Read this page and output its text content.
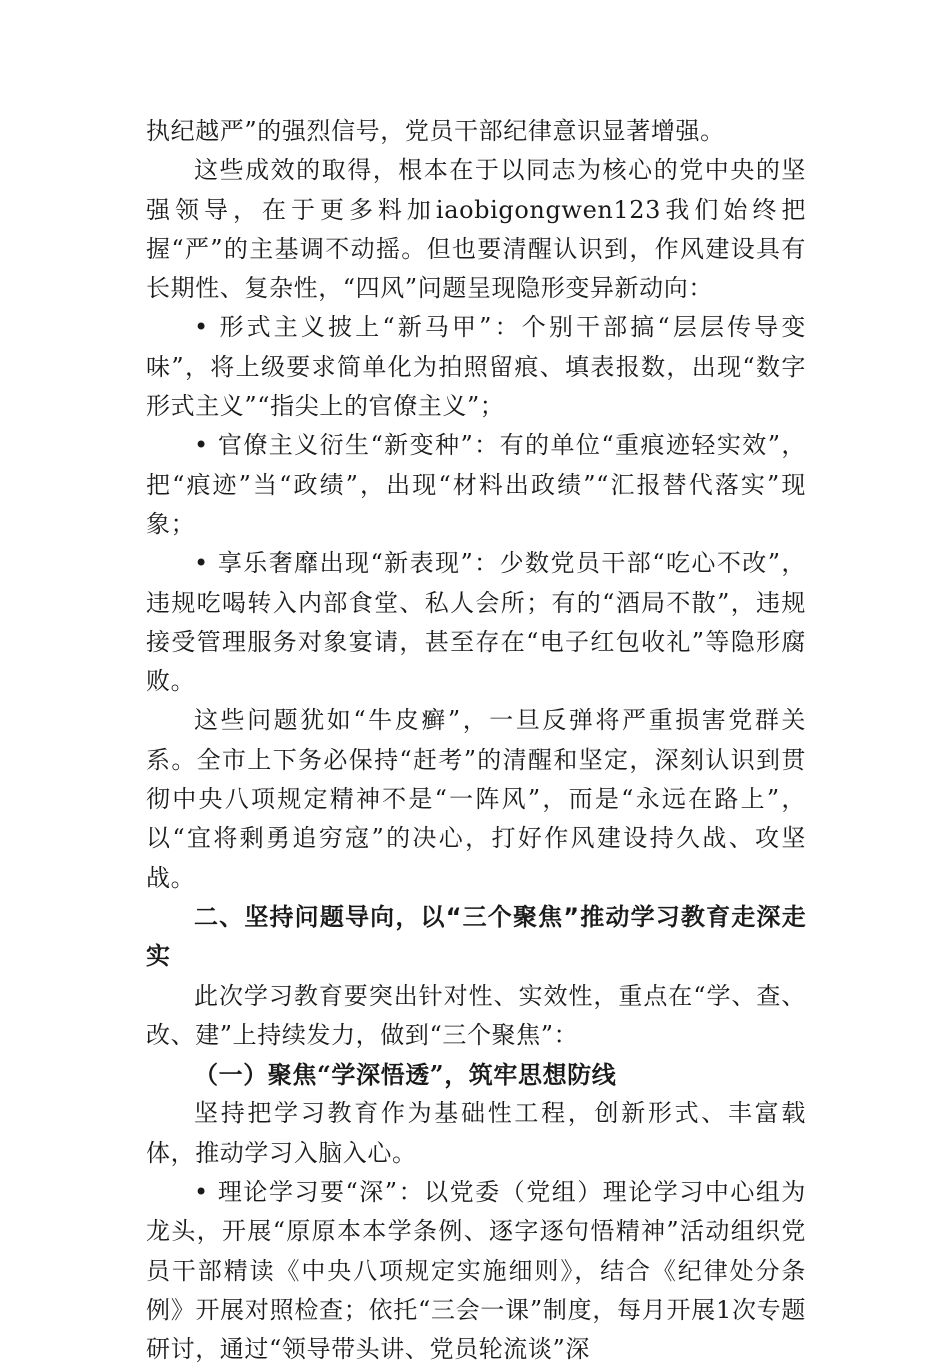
执纪越严”的强烈信号，党员干部纪律意识显著增强。

这些成效的取得，根本在于以同志为核心的党中央的坚强领导，在于更多料加iaobigongwen123我们始终把握“严”的主基调不动摇。但也要清醒认识到，作风建设具有长期性、复杂性，“四风”问题呈现隐形变异新动向：

• 形式主义披上“新马甲”：个别干部搞“层层传导变味”，将上级要求简单化为拍照留痕、填表报数，出现“数字形式主义”“指尖上的官僚主义”；

• 官僚主义衍生“新变种”：有的单位“重痕迹轻实效”，把“痕迹”当“政绩”，出现“材料出政绩”“汇报替代落实”现象；

• 享乐奢靡出现“新表现”：少数党员干部“吃心不改”，违规吃喝转入内部食堂、私人会所；有的“酒局不散”，违规接受管理服务对象宴请，甚至存在“电子红包收礼”等隐形腐败。

这些问题犹如“牛皮癣”，一旦反弹将严重损害党群关系。全市上下务必保持“赶考”的清醒和坚定，深刻认识到贯彻中央八项规定精神不是“一阵风”，而是“永远在路上”，以“宜将剩勇追穷寇”的决心，打好作风建设持久战、攻坚战。

二、坚持问题导向，以“三个聚焦”推动学习教育走深走实

此次学习教育要突出针对性、实效性，重点在“学、查、改、建”上持续发力，做到“三个聚焦”：

（一）聚焦“学深悟透”，筑牢思想防线

坚持把学习教育作为基础性工程，创新形式、丰富载体，推动学习入脑入心。

• 理论学习要“深”：以党委（党组）理论学习中心组为龙头，开展“原原本本学条例、逐字逐句悟精神”活动组织党员干部精读《中央八项规定实施细则》，结合《纪律处分条例》开展对照检查；依托“三会一课”制度，每月开展1次专题研讨，通过“领导带头讲、党员轮流谈”深
